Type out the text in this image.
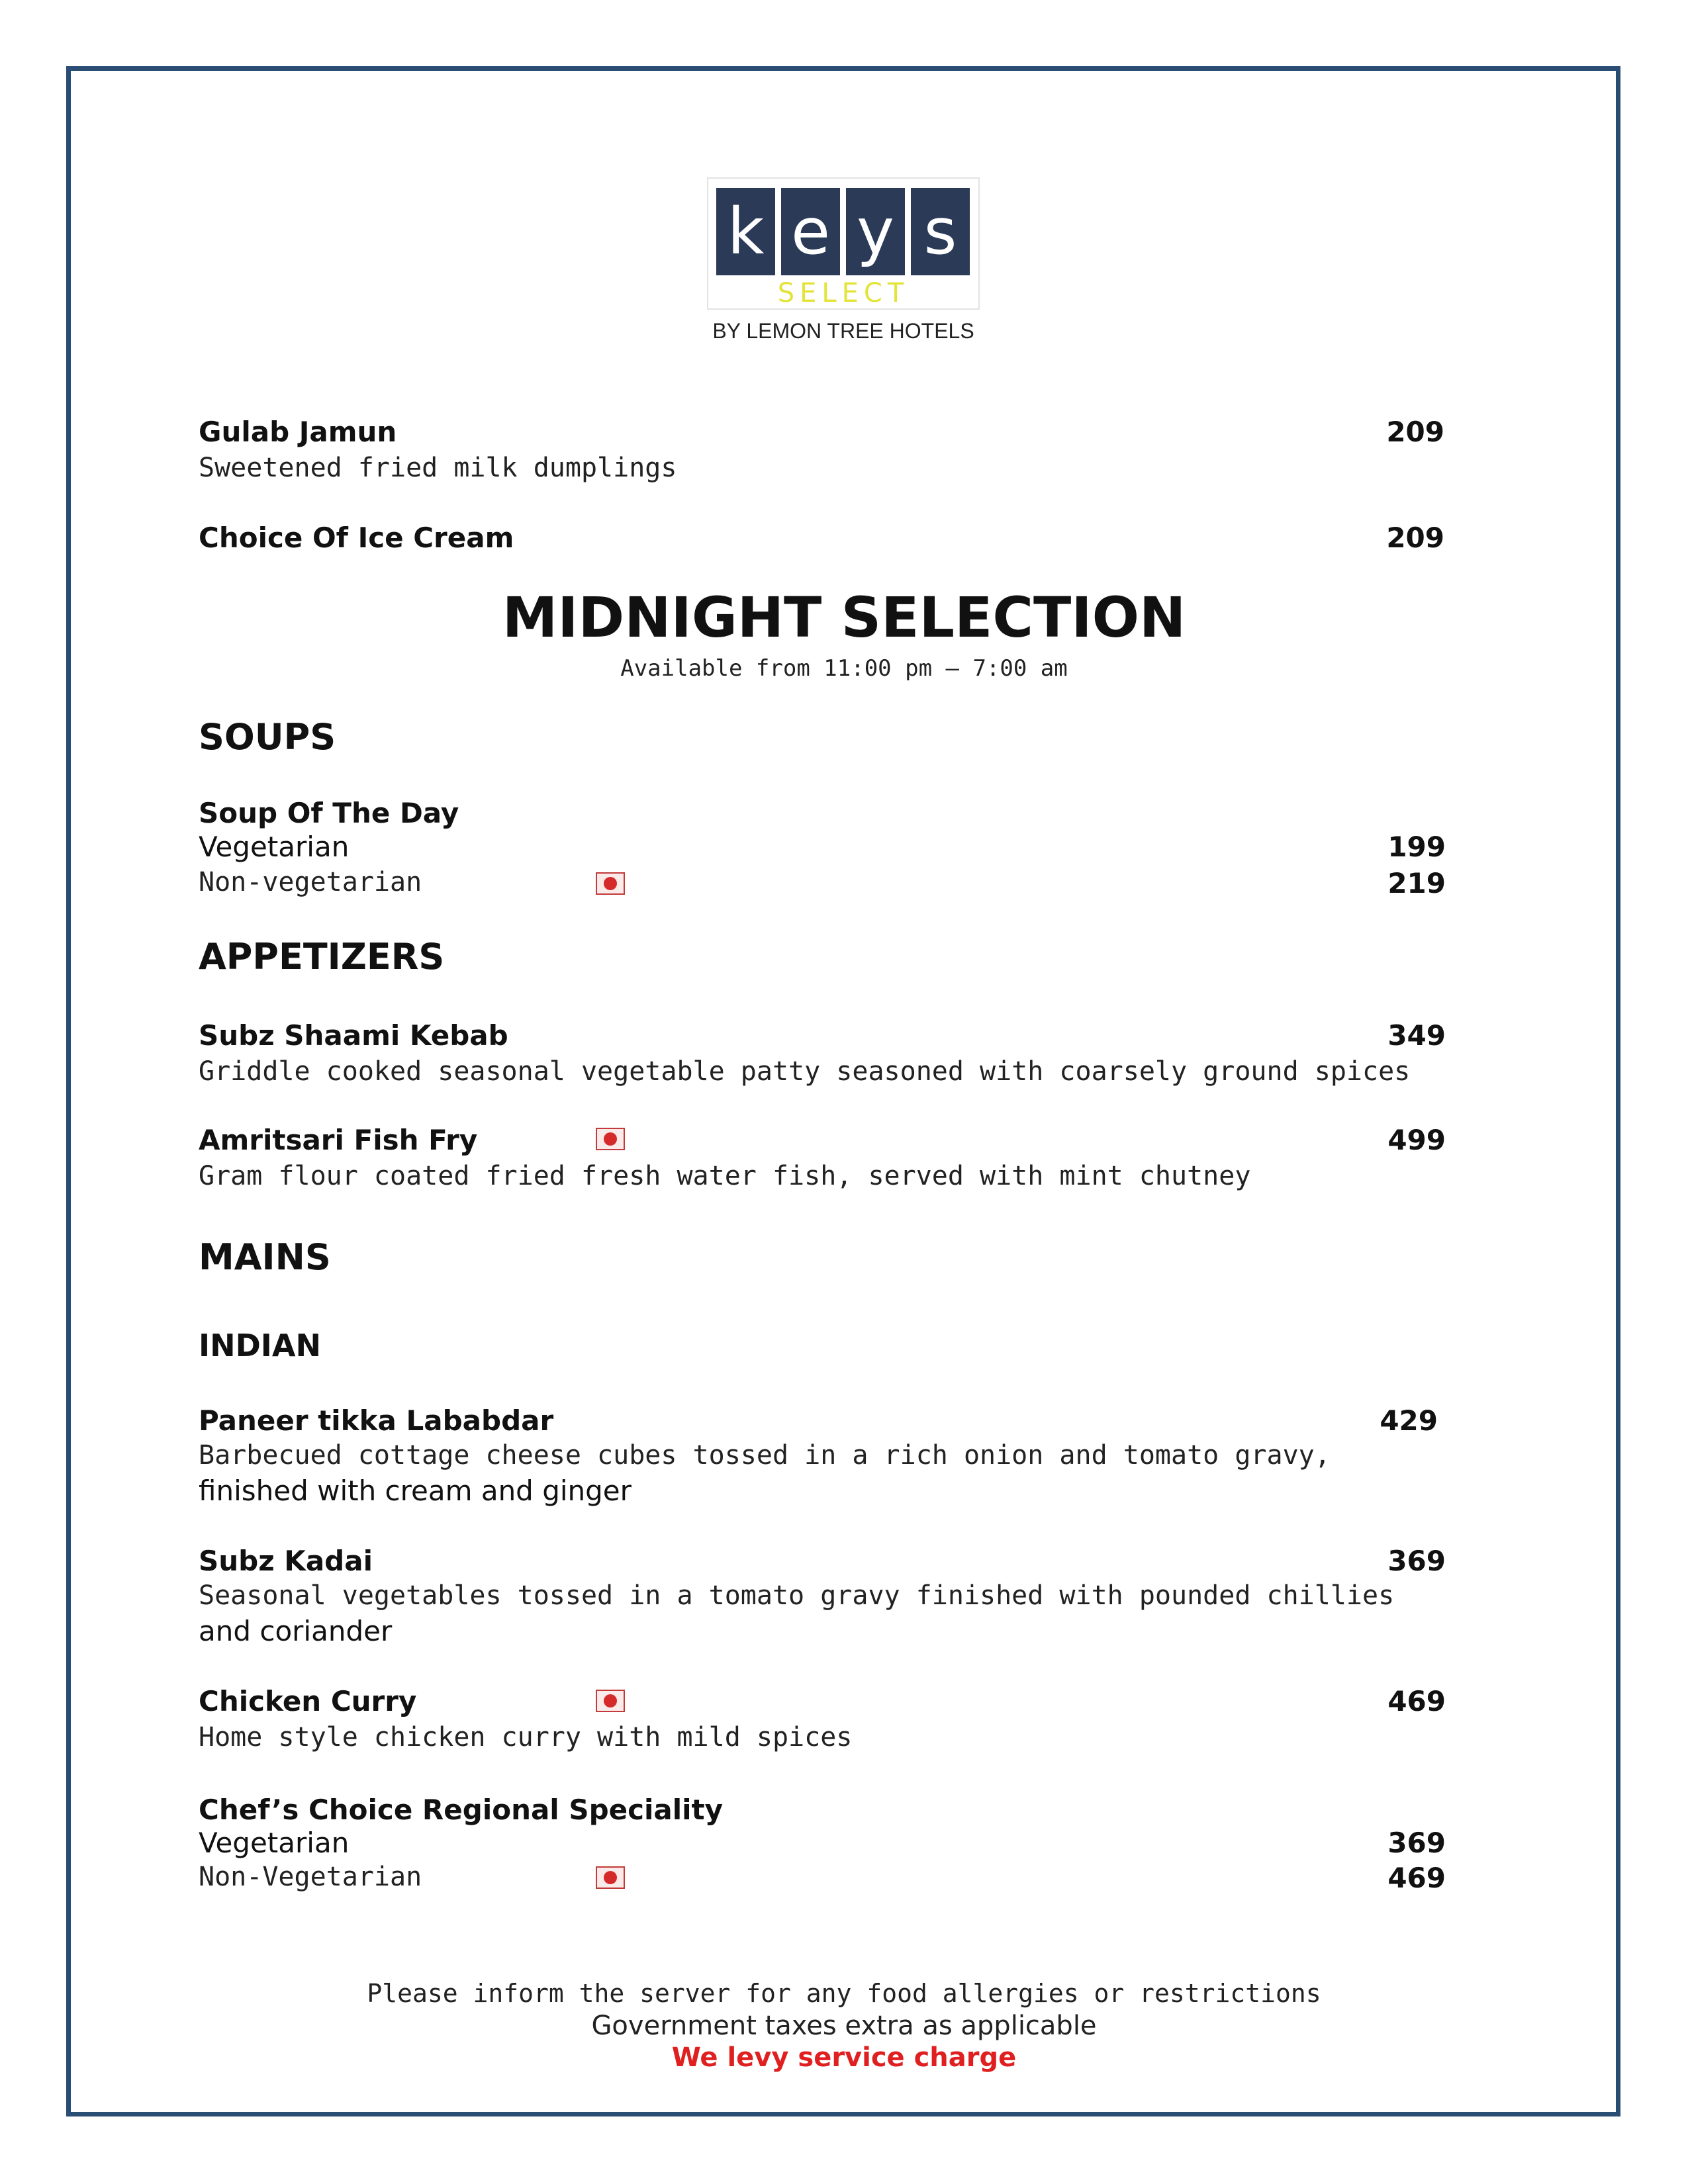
k e y s
SELECT
BY LEMON TREE HOTELS
Gulab Jamun	209
Sweetened fried milk dumplings
Choice Of Ice Cream	209
MIDNIGHT SELECTION
Available from 11:00 pm – 7:00 am
SOUPS
Soup Of The Day
Vegetarian	199
Non-vegetarian	219
APPETIZERS
Subz Shaami Kebab	349
Griddle cooked seasonal vegetable patty seasoned with coarsely ground spices
Amritsari Fish Fry	499
Gram flour coated fried fresh water fish, served with mint chutney
MAINS
INDIAN
Paneer tikka Lababdar	429
Barbecued cottage cheese cubes tossed in a rich onion and tomato gravy,
finished with cream and ginger
Subz Kadai	369
Seasonal vegetables tossed in a tomato gravy finished with pounded chillies
and coriander
Chicken Curry	469
Home style chicken curry with mild spices
Chef’s Choice Regional Speciality
Vegetarian	369
Non-Vegetarian	469
Please inform the server for any food allergies or restrictions
Government taxes extra as applicable
We levy service charge
